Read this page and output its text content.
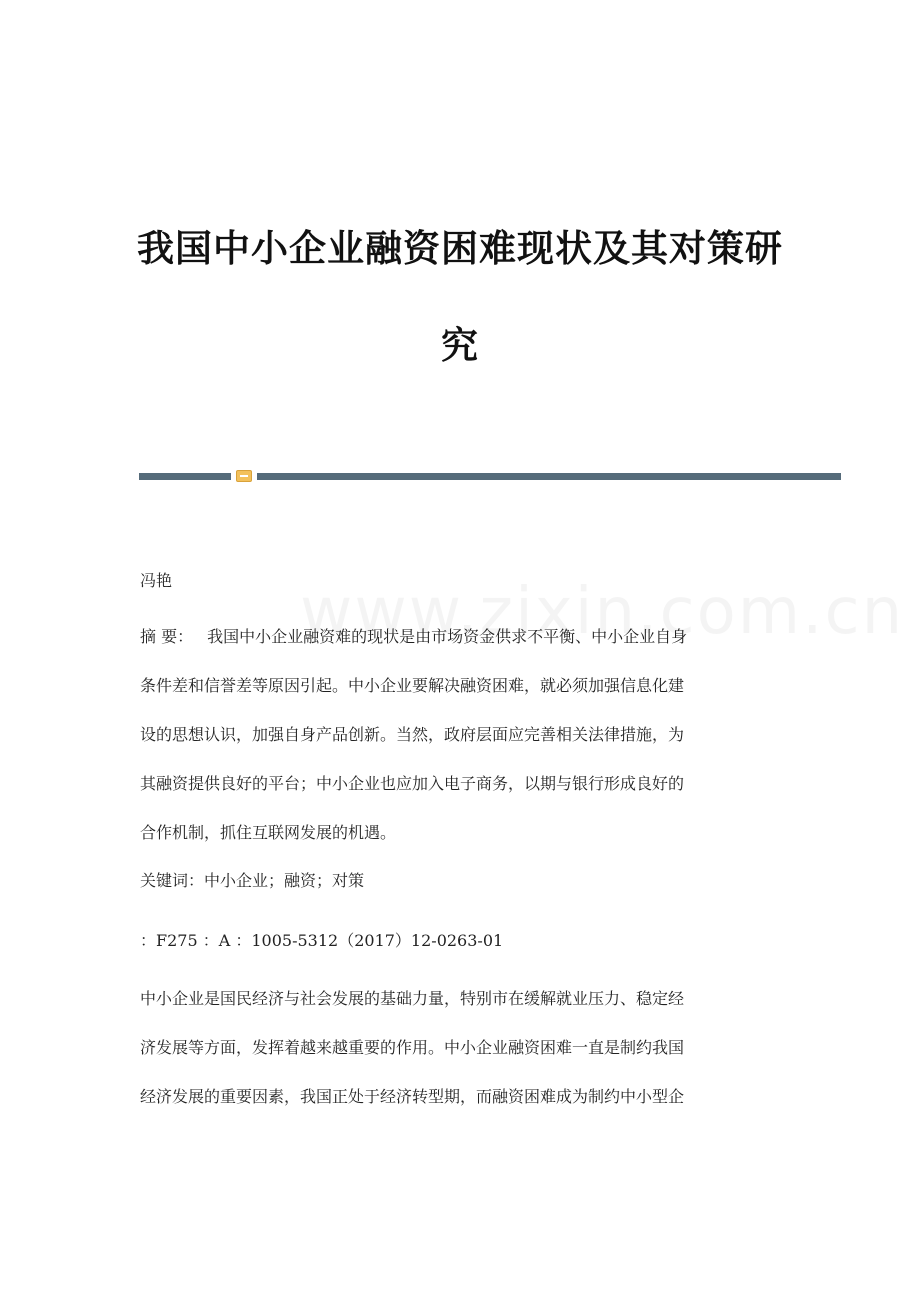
我国中小企业融资困难现状及其对策研
究
冯艳
摘 要： 我国中小企业融资难的现状是由市场资金供求不平衡、中小企业自身
条件差和信誉差等原因引起。中小企业要解决融资困难，就必须加强信息化建
设的思想认识，加强自身产品创新。当然，政府层面应完善相关法律措施，为
其融资提供良好的平台；中小企业也应加入电子商务，以期与银行形成良好的
合作机制，抓住互联网发展的机遇。
关键词：中小企业；融资；对策
：F275 ：A ：1005-5312（2017）12-0263-01
中小企业是国民经济与社会发展的基础力量，特别市在缓解就业压力、稳定经
济发展等方面，发挥着越来越重要的作用。中小企业融资困难一直是制约我国
经济发展的重要因素，我国正处于经济转型期，而融资困难成为制约中小型企
